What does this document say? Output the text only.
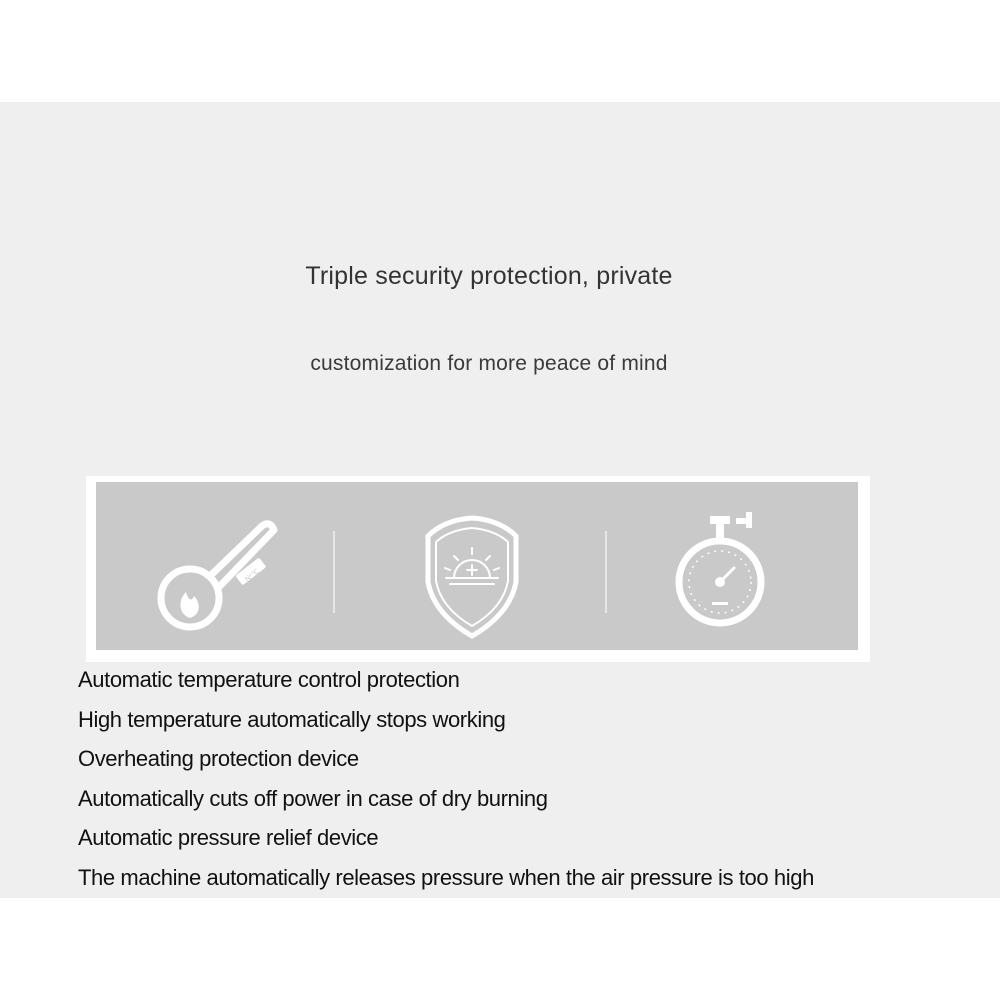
Triple security protection, private
customization for more peace of mind
Ν°℃
Automatic temperature control protection
High temperature automatically stops working
Overheating protection device
Automatically cuts off power in case of dry burning
Automatic pressure relief device
The machine automatically releases pressure when the air pressure is too high
